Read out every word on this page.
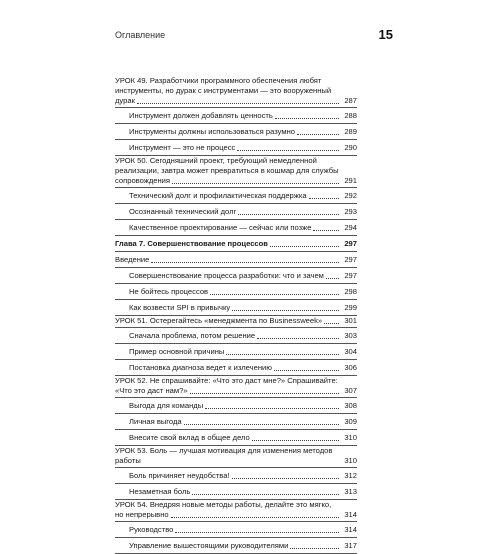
Оглавление	15
УРОК 49. Разработчики программного обеспечения любят
инструменты, но дурак с инструментами — это вооруженный
дурак	287
Инструмент должен добавлять ценность	288
Инструменты должны использоваться разумно	289
Инструмент — это не процесс	290
УРОК 50. Сегодняшний проект, требующий немедленной
реализации, завтра может превратиться в кошмар для службы
сопровождения	291
Технический долг и профилактическая поддержка	292
Осознанный технический долг	293
Качественное проектирование — сейчас или позже	294
Глава 7. Совершенствование процессов	297
Введение	297
Совершенствование процесса разработки: что и зачем	297
Не бойтесь процессов	298
Как возвести SPI в привычку	299
УРОК 51. Остерегайтесь «менеджмента по Businessweek»	301
Сначала проблема, потом решение	303
Пример основной причины	304
Постановка диагноза ведет к излечению	306
УРОК 52. Не спрашивайте: «Что это даст мне?» Спрашивайте:
«Что это даст нам?»	307
Выгода для команды	308
Личная выгода	309
Внесите свой вклад в общее дело	310
УРОК 53. Боль — лучшая мотивация для изменения методов работы	310
Боль причиняет неудобства!	312
Незаметная боль	313
УРОК 54. Внедряя новые методы работы, делайте это мягко,
но непрерывно	314
Руководство	314
Управление вышестоящими руководителями	317
